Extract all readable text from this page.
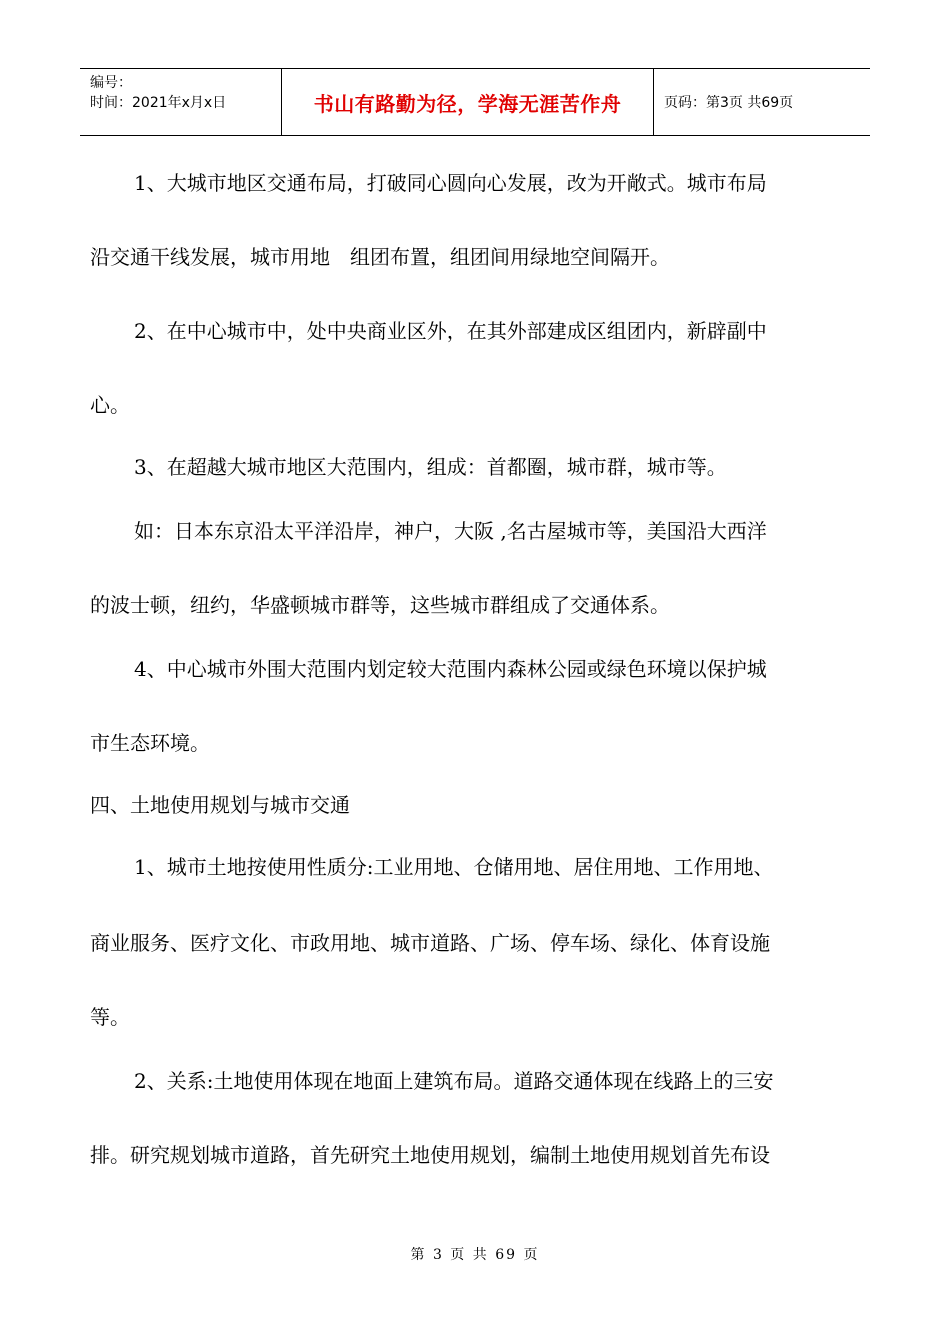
编号：
时间：2021年x月x日	书山有路勤为径，学海无涯苦作舟	页码：第3页 共69页
1、大城市地区交通布局，打破同心圆向心发展，改为开敞式。城市布局
沿交通干线发展，城市用地　组团布置，组团间用绿地空间隔开。
2、在中心城市中，处中央商业区外，在其外部建成区组团内，新辟副中
心。
3、在超越大城市地区大范围内，组成：首都圈，城市群，城市等。
如：日本东京沿太平洋沿岸，神户，大阪 ,名古屋城市等，美国沿大西洋
的波士顿，纽约，华盛顿城市群等，这些城市群组成了交通体系。
4、中心城市外围大范围内划定较大范围内森林公园或绿色环境以保护城
市生态环境。
四、土地使用规划与城市交通
1、城市土地按使用性质分:工业用地、仓储用地、居住用地、工作用地、
商业服务、医疗文化、市政用地、城市道路、广场、停车场、绿化、体育设施
等。
2、关系:土地使用体现在地面上建筑布局。道路交通体现在线路上的三安
排。研究规划城市道路，首先研究土地使用规划，编制土地使用规划首先布设
第 3 页 共 69 页
